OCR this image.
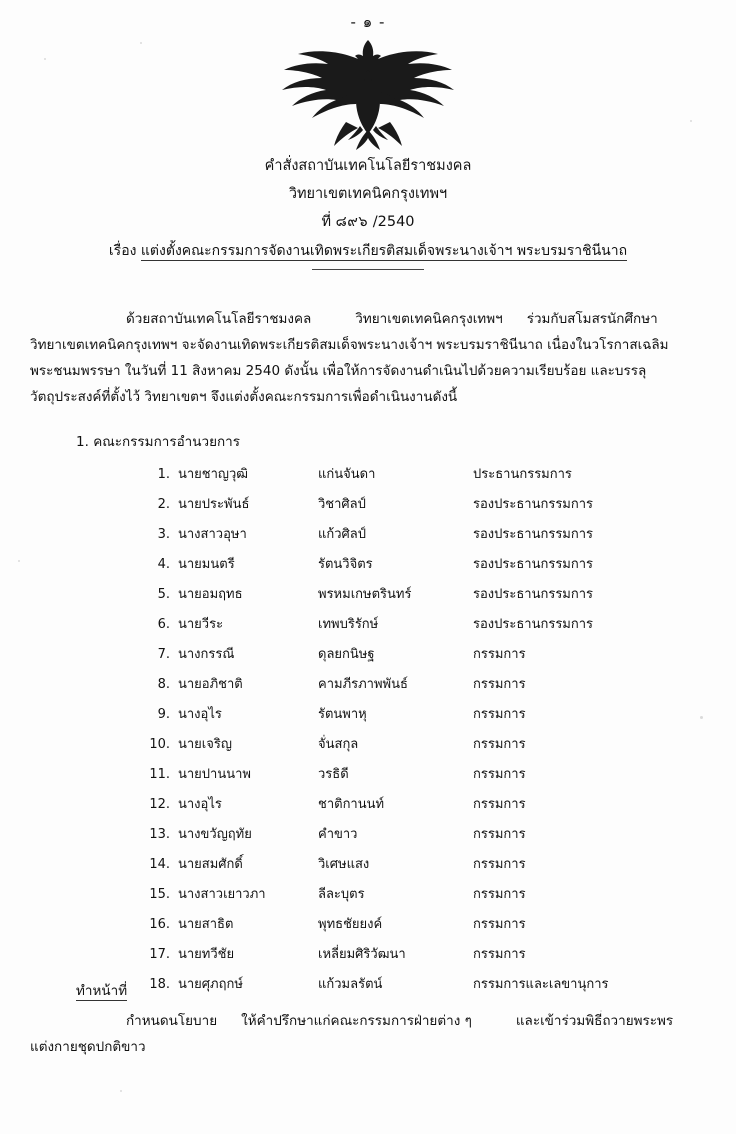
- ๑ -
คำสั่งสถาบันเทคโนโลยีราชมงคล
วิทยาเขตเทคนิคกรุงเทพฯ
ที่ ๘๙๖ /2540
เรื่อง แต่งตั้งคณะกรรมการจัดงานเทิดพระเกียรติสมเด็จพระนางเจ้าฯ พระบรมราชินีนาถ

ด้วยสถาบันเทคโนโลยีราชมงคล	วิทยาเขตเทคนิคกรุงเทพฯ ร่วมกับสโมสรนักศึกษา

วิทยาเขตเทคนิคกรุงเทพฯ จะจัดงานเทิดพระเกียรติสมเด็จพระนางเจ้าฯ พระบรมราชินีนาถ เนื่องในวโรกาสเฉลิม

พระชนมพรรษา ในวันที่ 11 สิงหาคม 2540 ดังนั้น เพื่อให้การจัดงานดำเนินไปด้วยความเรียบร้อย และบรรลุ

วัตถุประสงค์ที่ตั้งไว้ วิทยาเขตฯ จึงแต่งตั้งคณะกรรมการเพื่อดำเนินงานดังนี้

1. คณะกรรมการอำนวยการ
1. นายชาญวุฒิ	แก่นจันดา	ประธานกรรมการ
2. นายประพันธ์	วิชาศิลป์	รองประธานกรรมการ
3. นางสาวอุษา	แก้วศิลป์	รองประธานกรรมการ
4. นายมนตรี	รัตนวิจิตร	รองประธานกรรมการ
5. นายอมฤทธ	พรหมเกษตรินทร์	รองประธานกรรมการ
6. นายวีระ	เทพบริรักษ์	รองประธานกรรมการ
7. นางกรรณี	ดุลยกนิษฐ	กรรมการ
8. นายอภิชาติ	คามภีรภาพพันธ์	กรรมการ
9. นางอุไร	รัตนพาหุ	กรรมการ
10. นายเจริญ	จั่นสกุล	กรรมการ
11. นายปานนาพ	วรธิดี	กรรมการ
12. นางอุไร	ชาติกานนท์	กรรมการ
13. นางขวัญฤทัย	คำขาว	กรรมการ
14. นายสมศักดิ์	วิเศษแสง	กรรมการ
15. นางสาวเยาวภา	ลีละบุตร	กรรมการ
16. นายสาธิต	พุทธชัยยงค์	กรรมการ
17. นายทวีชัย	เหลี่ยมศิริวัฒนา	กรรมการ
18. นายศุภฤกษ์	แก้วมลรัตน์	กรรมการและเลขานุการ
ทำหน้าที่

กำหนดนโยบาย ให้คำปรึกษาแก่คณะกรรมการฝ่ายต่าง ๆ	และเข้าร่วมพิธีถวายพระพร

แต่งกายชุดปกติขาว
